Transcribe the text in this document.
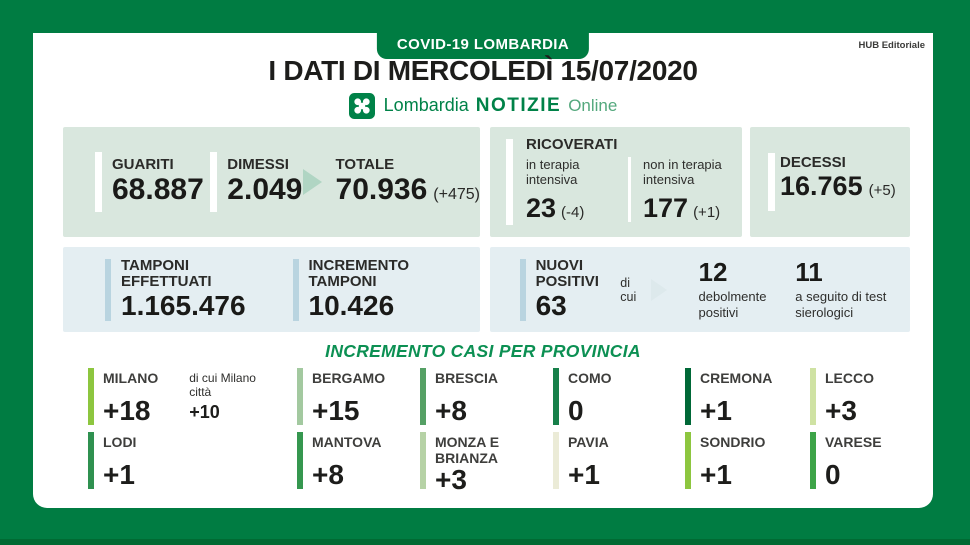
COVID-19 LOMBARDIA	HUB Editoriale
I DATI DI MERCOLEDÌ 15/07/2020
Lombardia NOTIZIE Online
GUARITI
68.887
DIMESSI
2.049
TOTALE
70.936 (+475)
RICOVERATI
in terapia intensiva
23 (-4)
non in terapia intensiva
177 (+1)
DECESSI
16.765 (+5)
TAMPONI EFFETTUATI
1.165.476
INCREMENTO TAMPONI
10.426
NUOVI POSITIVI
63
di cui
12
debolmente positivi
11
a seguito di test sierologici
INCREMENTO CASI PER PROVINCIA
MILANO
+18
di cui Milano città
+10
BERGAMO
+15
BRESCIA
+8
COMO
0
CREMONA
+1
LECCO
+3
LODI
+1
MANTOVA
+8
MONZA E BRIANZA
+3
PAVIA
+1
SONDRIO
+1
VARESE
0
